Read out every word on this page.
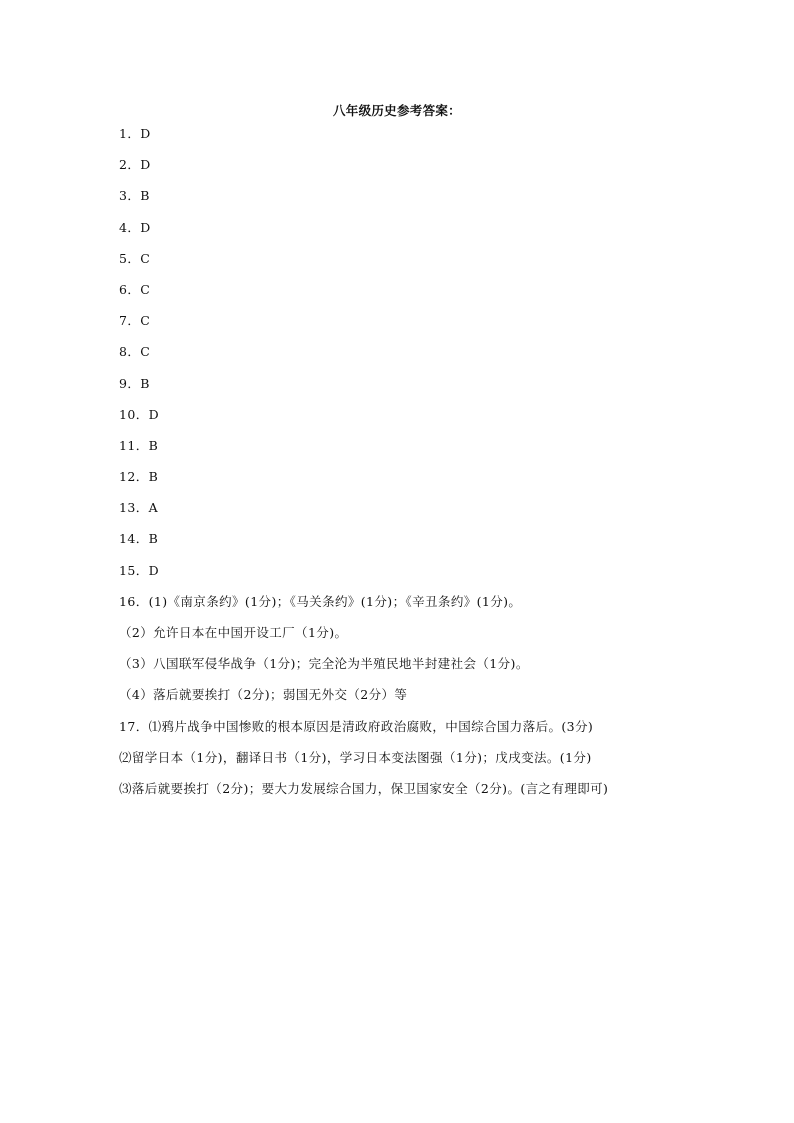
八年级历史参考答案：
1．D
2．D
3．B
4．D
5．C
6．C
7．C
8．C
9．B
10．D
11．B
12．B
13．A
14．B
15．D
16．(1)《南京条约》(1分)；《马关条约》(1分)；《辛丑条约》(1分)。
（2）允许日本在中国开设工厂（1分)。
（3）八国联军侵华战争（1分)；完全沦为半殖民地半封建社会（1分)。
（4）落后就要挨打（2分)；弱国无外交（2分）等
17．⑴鸦片战争中国惨败的根本原因是清政府政治腐败，中国综合国力落后。(3分)
⑵留学日本（1分)，翻译日书（1分)，学习日本变法图强（1分)；戊戌变法。(1分)
⑶落后就要挨打（2分)；要大力发展综合国力，保卫国家安全（2分)。(言之有理即可)
